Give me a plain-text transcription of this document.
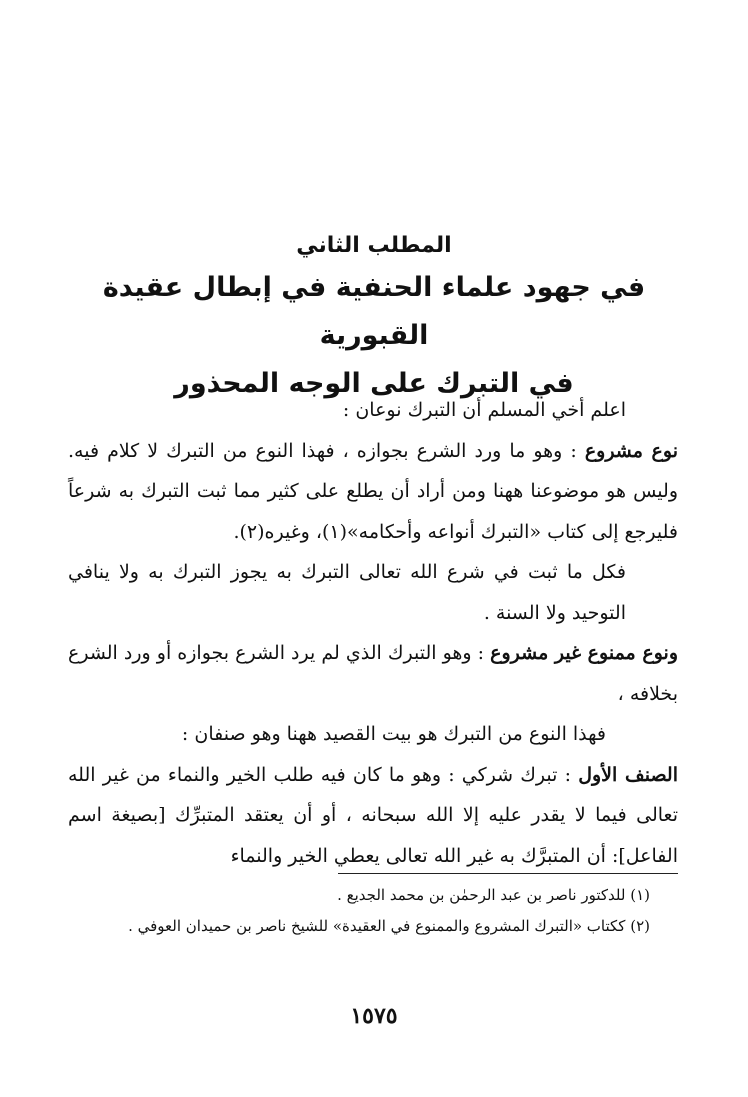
المطلب الثاني
في جهود علماء الحنفية في إبطال عقيدة القبورية
في التبرك على الوجه المحذور

اعلم أخي المسلم أن التبرك نوعان :

نوع مشروع : وهو ما ورد الشرع بجوازه ، فهذا النوع من التبرك لا كلام فيه. وليس هو موضوعنا ههنا ومن أراد أن يطلع على كثير مما ثبت التبرك به شرعاً فليرجع إلى كتاب «التبرك أنواعه وأحكامه»(١)، وغيره(٢).

فكل ما ثبت في شرع الله تعالى التبرك به يجوز التبرك به ولا ينافي التوحيد ولا السنة .

ونوع ممنوع غير مشروع : وهو التبرك الذي لم يرد الشرع بجوازه أو ورد الشرع بخلافه ،

فهذا النوع من التبرك هو بيت القصيد ههنا وهو صنفان :

الصنف الأول : تبرك شركي : وهو ما كان فيه طلب الخير والنماء من غير الله تعالى فيما لا يقدر عليه إلا الله سبحانه ، أو أن يعتقد المتبرِّك [بصيغة اسم الفاعل]: أن المتبرَّك به غير الله تعالى يعطي الخير والنماء

(١) للدكتور ناصر بن عبد الرحمٰن بن محمد الجديع .

(٢) ككتاب «التبرك المشروع والممنوع في العقيدة» للشيخ ناصر بن حميدان العوفي .

١٥٧٥
